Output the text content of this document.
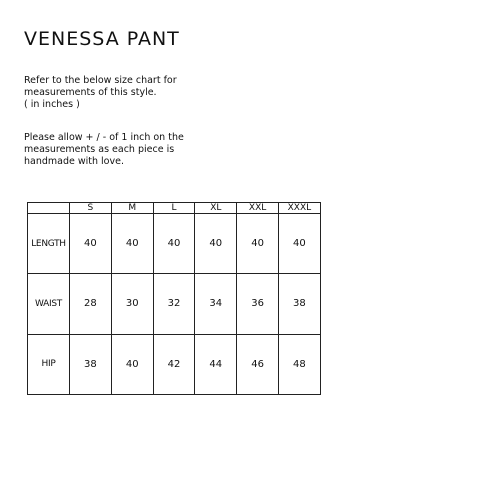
VENESSA PANT

Refer to the below size chart for
measurements of this style.
( in inches )

Please allow + / - of 1 inch on the
measurements as each piece is
handmade with love.

	S	M	L	XL	XXL	XXXL
LENGTH	40	40	40	40	40	40
WAIST	28	30	32	34	36	38
HIP	38	40	42	44	46	48
